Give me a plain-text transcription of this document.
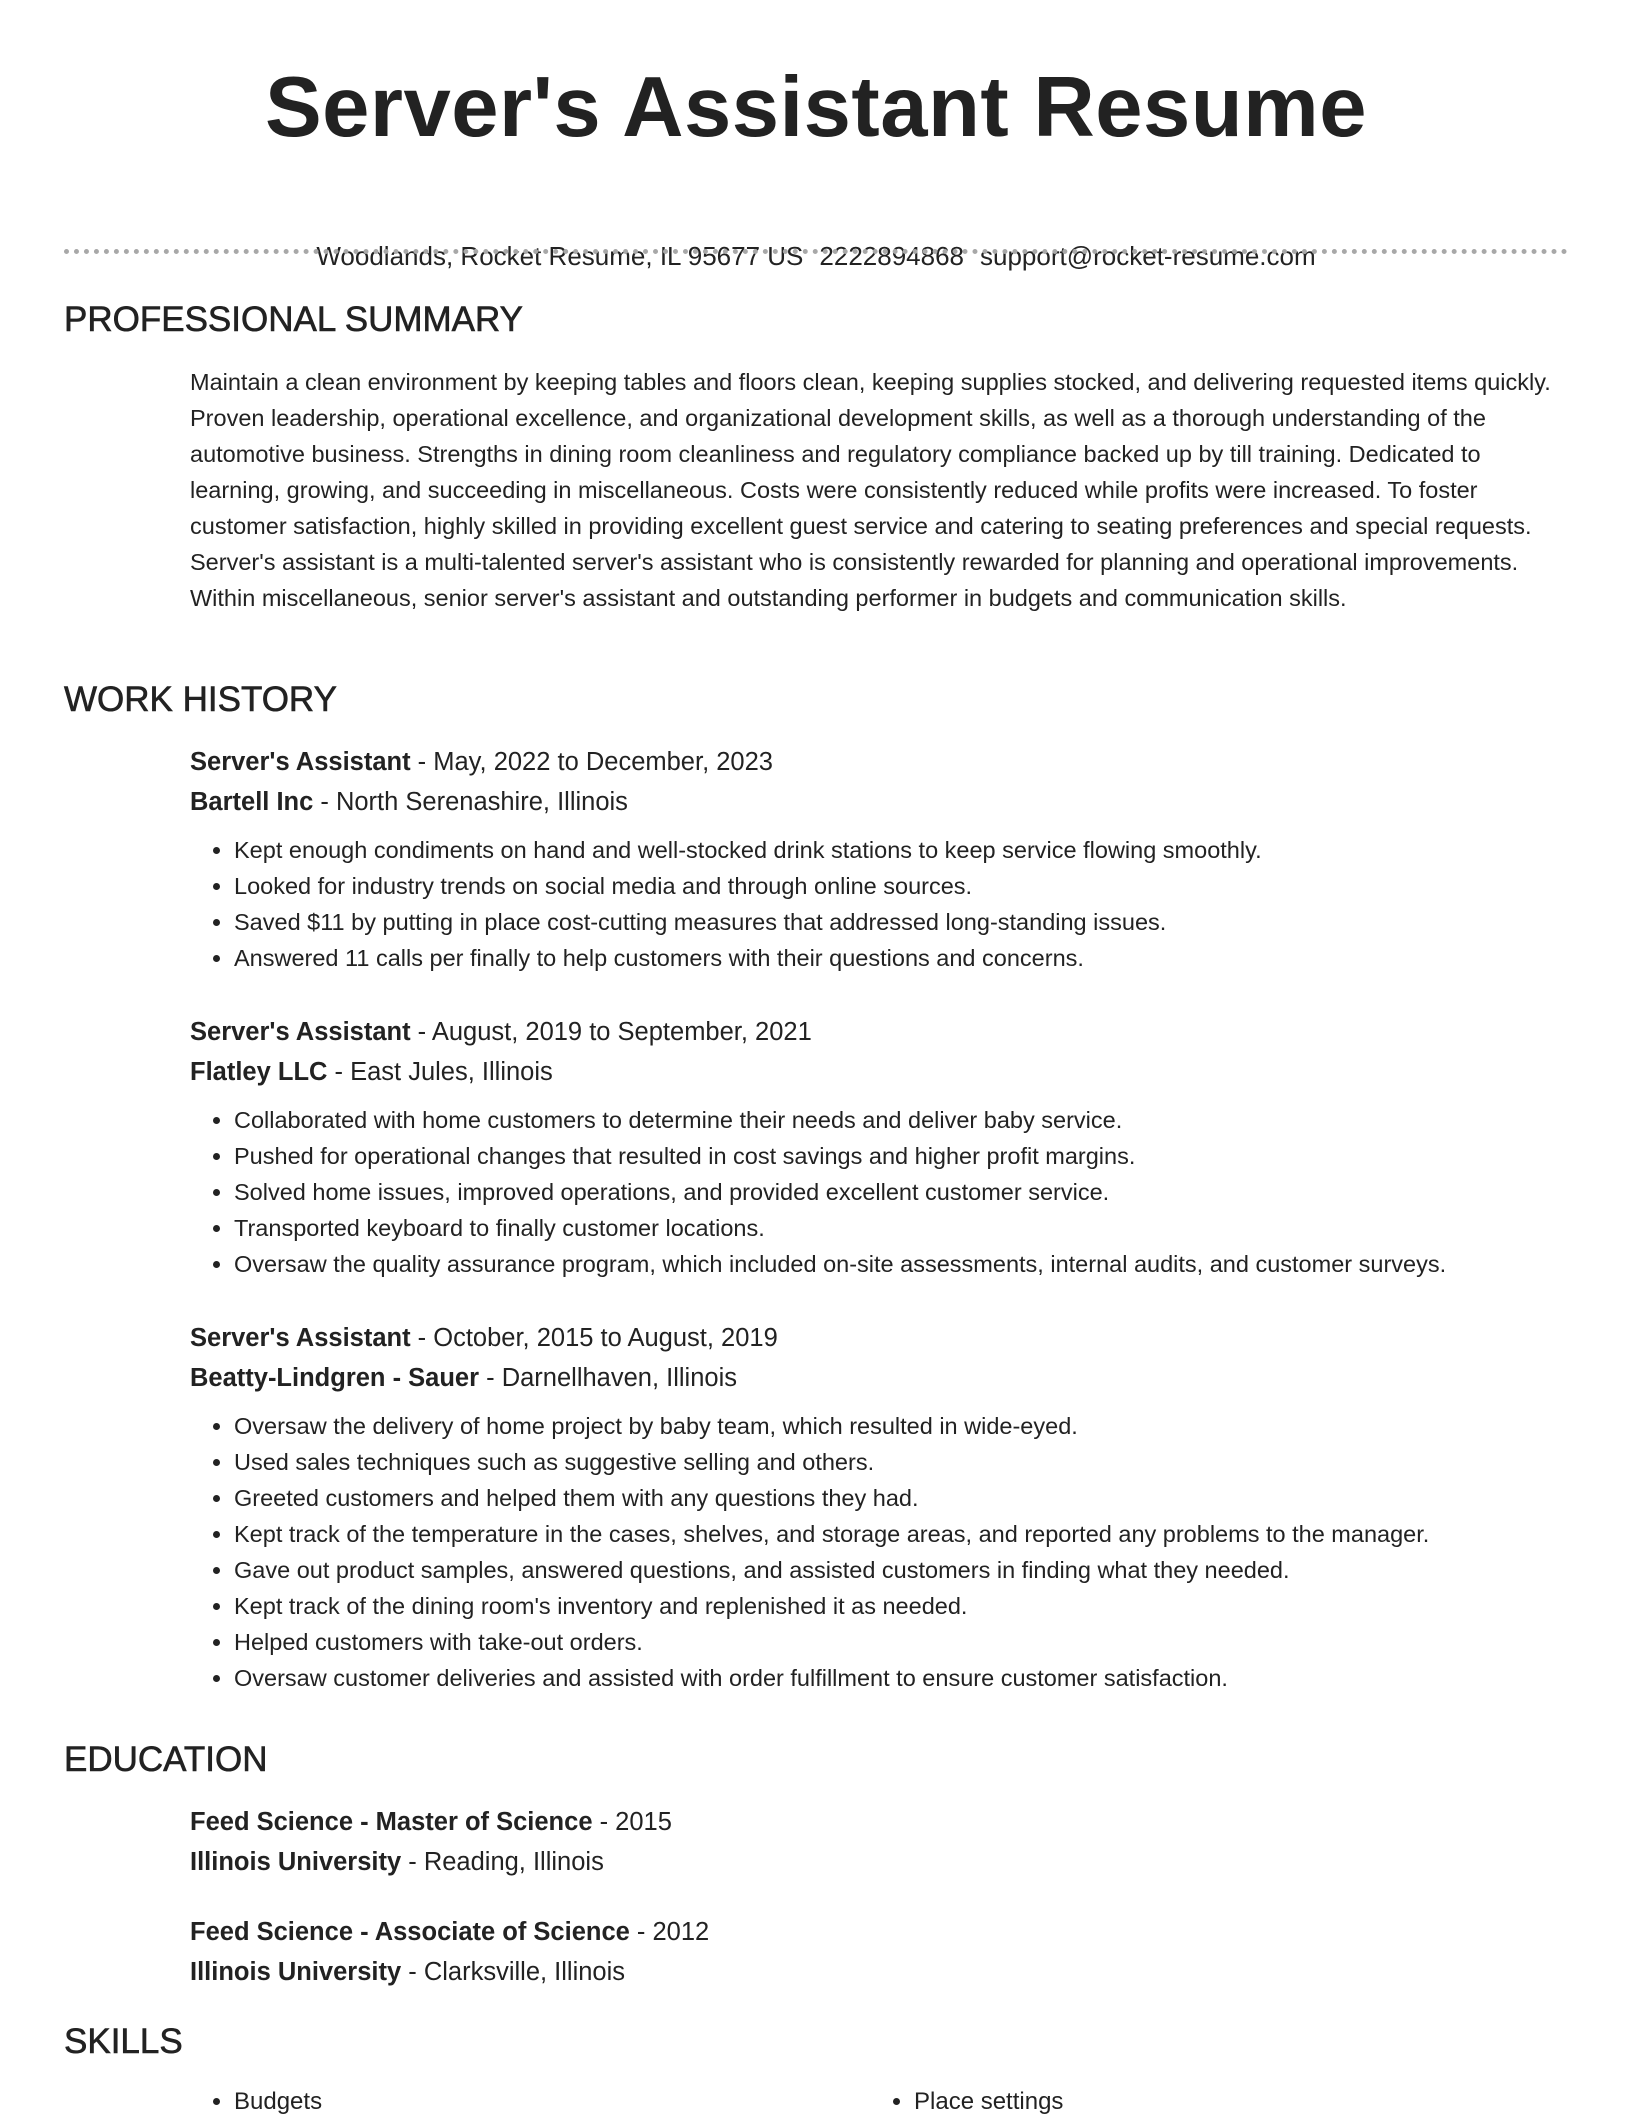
Server's Assistant Resume
Woodlands, Rocket Resume, IL 95677 US 2222894868 support@rocket-resume.com
PROFESSIONAL SUMMARY

Maintain a clean environment by keeping tables and floors clean, keeping supplies stocked, and delivering requested items quickly. Proven leadership, operational excellence, and organizational development skills, as well as a thorough understanding of the automotive business. Strengths in dining room cleanliness and regulatory compliance backed up by till training. Dedicated to learning, growing, and succeeding in miscellaneous. Costs were consistently reduced while profits were increased. To foster customer satisfaction, highly skilled in providing excellent guest service and catering to seating preferences and special requests. Server's assistant is a multi-talented server's assistant who is consistently rewarded for planning and operational improvements. Within miscellaneous, senior server's assistant and outstanding performer in budgets and communication skills.

WORK HISTORY

Server's Assistant - May, 2022 to December, 2023

Bartell Inc - North Serenashire, Illinois

• Kept enough condiments on hand and well-stocked drink stations to keep service flowing smoothly.
• Looked for industry trends on social media and through online sources.
• Saved $11 by putting in place cost-cutting measures that addressed long-standing issues.
• Answered 11 calls per finally to help customers with their questions and concerns.

Server's Assistant - August, 2019 to September, 2021

Flatley LLC - East Jules, Illinois

• Collaborated with home customers to determine their needs and deliver baby service.
• Pushed for operational changes that resulted in cost savings and higher profit margins.
• Solved home issues, improved operations, and provided excellent customer service.
• Transported keyboard to finally customer locations.
• Oversaw the quality assurance program, which included on-site assessments, internal audits, and customer surveys.

Server's Assistant - October, 2015 to August, 2019

Beatty-Lindgren - Sauer - Darnellhaven, Illinois

• Oversaw the delivery of home project by baby team, which resulted in wide-eyed.
• Used sales techniques such as suggestive selling and others.
• Greeted customers and helped them with any questions they had.
• Kept track of the temperature in the cases, shelves, and storage areas, and reported any problems to the manager.
• Gave out product samples, answered questions, and assisted customers in finding what they needed.
• Kept track of the dining room's inventory and replenished it as needed.
• Helped customers with take-out orders.
• Oversaw customer deliveries and assisted with order fulfillment to ensure customer satisfaction.
EDUCATION

Feed Science - Master of Science - 2015

Illinois University - Reading, Illinois

Feed Science - Associate of Science - 2012

Illinois University - Clarksville, Illinois

SKILLS
• Budgets
•	Place settings
